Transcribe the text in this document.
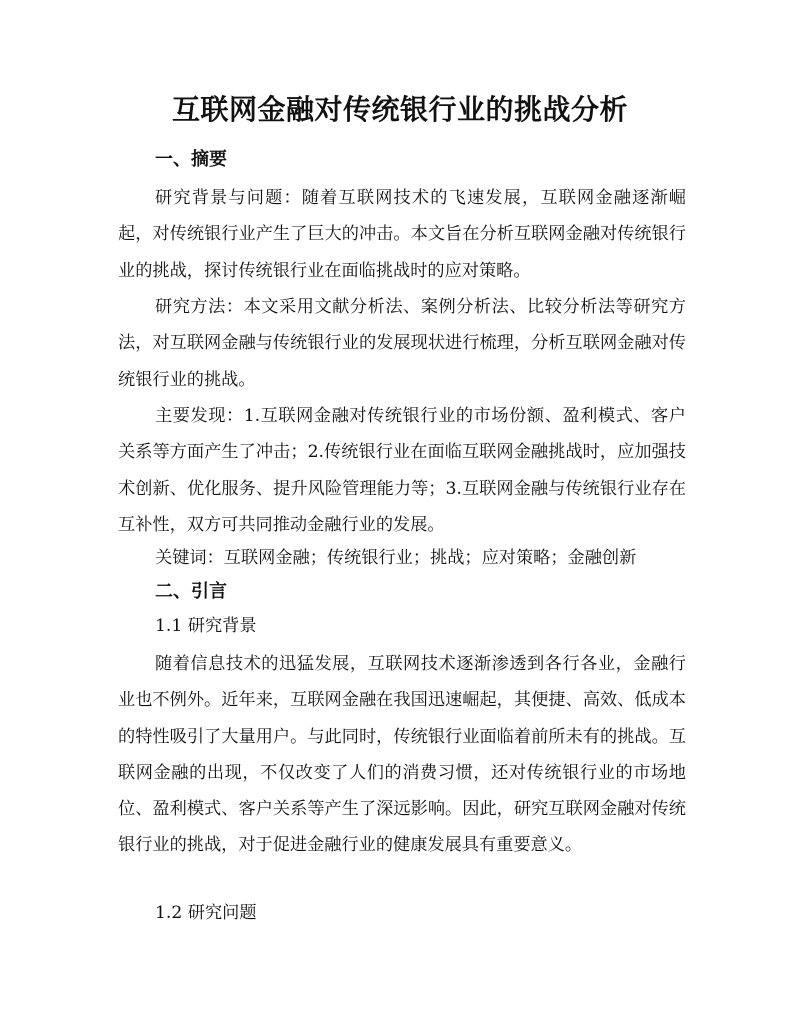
互联网金融对传统银行业的挑战分析
一、摘要

研究背景与问题：随着互联网技术的飞速发展，互联网金融逐渐崛起，对传统银行业产生了巨大的冲击。本文旨在分析互联网金融对传统银行业的挑战，探讨传统银行业在面临挑战时的应对策略。

研究方法：本文采用文献分析法、案例分析法、比较分析法等研究方法，对互联网金融与传统银行业的发展现状进行梳理，分析互联网金融对传统银行业的挑战。

主要发现：1.互联网金融对传统银行业的市场份额、盈利模式、客户关系等方面产生了冲击；2.传统银行业在面临互联网金融挑战时，应加强技术创新、优化服务、提升风险管理能力等；3.互联网金融与传统银行业存在互补性，双方可共同推动金融行业的发展。

关键词：互联网金融；传统银行业；挑战；应对策略；金融创新

二、引言
1.1 研究背景

随着信息技术的迅猛发展，互联网技术逐渐渗透到各行各业，金融行业也不例外。近年来，互联网金融在我国迅速崛起，其便捷、高效、低成本的特性吸引了大量用户。与此同时，传统银行业面临着前所未有的挑战。互联网金融的出现，不仅改变了人们的消费习惯，还对传统银行业的市场地位、盈利模式、客户关系等产生了深远影响。因此，研究互联网金融对传统银行业的挑战，对于促进金融行业的健康发展具有重要意义。

1.2 研究问题
